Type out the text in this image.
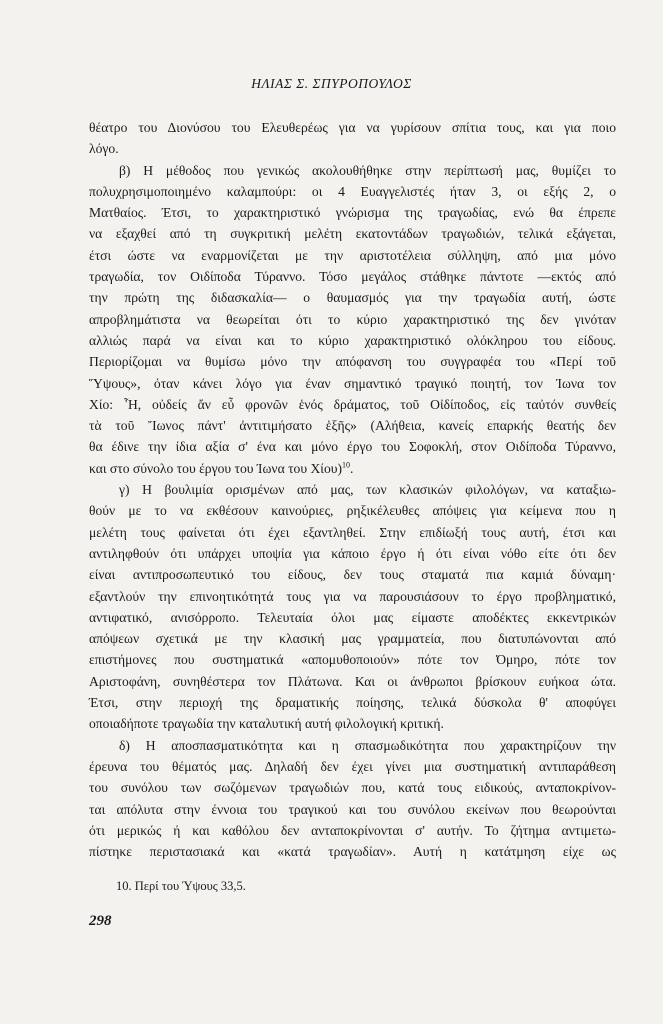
ΗΛΙΑΣ Σ. ΣΠΥΡΟΠΟΥΛΟΣ
θέατρο του Διονύσου του Ελευθερέως για να γυρίσουν σπίτια τους, και για ποιο
λόγο.
β) Η μέθοδος που γενικώς ακολουθήθηκε στην περίπτωσή μας, θυμίζει το
πολυχρησιμοποιημένο καλαμπούρι: οι 4 Ευαγγελιστές ήταν 3, οι εξής 2, ο
Ματθαίος. Έτσι, το χαρακτηριστικό γνώρισμα της τραγωδίας, ενώ θα έπρεπε
να εξαχθεί από τη συγκριτική μελέτη εκατοντάδων τραγωδιών, τελικά εξάγεται,
έτσι ώστε να εναρμονίζεται με την αριστοτέλεια σύλληψη, από μια μόνο
τραγωδία, τον Οιδίποδα Τύραννο. Τόσο μεγάλος στάθηκε πάντοτε —εκτός από
την πρώτη της διδασκαλία— ο θαυμασμός για την τραγωδία αυτή, ώστε
απροβλημάτιστα να θεωρείται ότι το κύριο χαρακτηριστικό της δεν γινόταν
αλλιώς παρά να είναι και το κύριο χαρακτηριστικό ολόκληρου του είδους.
Περιορίζομαι να θυμίσω μόνο την απόφανση του συγγραφέα του «Περί τοῦ
Ὕψους», όταν κάνει λόγο για έναν σημαντικό τραγικό ποιητή, τον Ίωνα τον
Χίο: Ἦ, οὐδείς ἄν εὖ φρονῶν ἑνός δράματος, τοῦ Οἰδίποδος, εἰς ταὐτόν συνθείς
τὰ τοῦ Ἴωνος πάντ' ἀντιτιμήσατο ἑξῆς» (Αλήθεια, κανείς επαρκής θεατής δεν
θα έδινε την ίδια αξία σ' ένα και μόνο έργο του Σοφοκλή, στον Οιδίποδα Τύραννο,
και στο σύνολο του έργου του Ίωνα του Χίου)$^{10}$.
γ) Η βουλιμία ορισμένων από μας, των κλασικών φιλολόγων, να καταξιω-
θούν με το να εκθέσουν καινούριες, ρηξικέλευθες απόψεις για κείμενα που η
μελέτη τους φαίνεται ότι έχει εξαντληθεί. Στην επιδίωξή τους αυτή, έτσι και
αντιληφθούν ότι υπάρχει υποψία για κάποιο έργο ή ότι είναι νόθο είτε ότι δεν
είναι αντιπροσωπευτικό του είδους, δεν τους σταματά πια καμιά δύναμη·
εξαντλούν την επινοητικότητά τους για να παρουσιάσουν το έργο προβληματικό,
αντιφατικό, ανισόρροπο. Τελευταία όλοι μας είμαστε αποδέκτες εκκεντρικών
απόψεων σχετικά με την κλασική μας γραμματεία, που διατυπώνονται από
επιστήμονες που συστηματικά «απομυθοποιούν» πότε τον Όμηρο, πότε τον
Αριστοφάνη, συνηθέστερα τον Πλάτωνα. Και οι άνθρωποι βρίσκουν ευήκοα ώτα.
Έτσι, στην περιοχή της δραματικής ποίησης, τελικά δύσκολα θ' αποφύγει
οποιαδήποτε τραγωδία την καταλυτική αυτή φιλολογική κριτική.
δ) Η αποσπασματικότητα και η σπασμωδικότητα που χαρακτηρίζουν την
έρευνα του θέματός μας. Δηλαδή δεν έχει γίνει μια συστηματική αντιπαράθεση
του συνόλου των σωζόμενων τραγωδιών που, κατά τους ειδικούς, ανταποκρίνον-
ται απόλυτα στην έννοια του τραγικού και του συνόλου εκείνων που θεωρούνται
ότι μερικώς ή και καθόλου δεν ανταποκρίνονται σ' αυτήν. Το ζήτημα αντιμετω-
πίστηκε περιστασιακά και «κατά τραγωδίαν». Αυτή η κατάτμηση είχε ως
10. Περί του Ύψους 33,5.
298
